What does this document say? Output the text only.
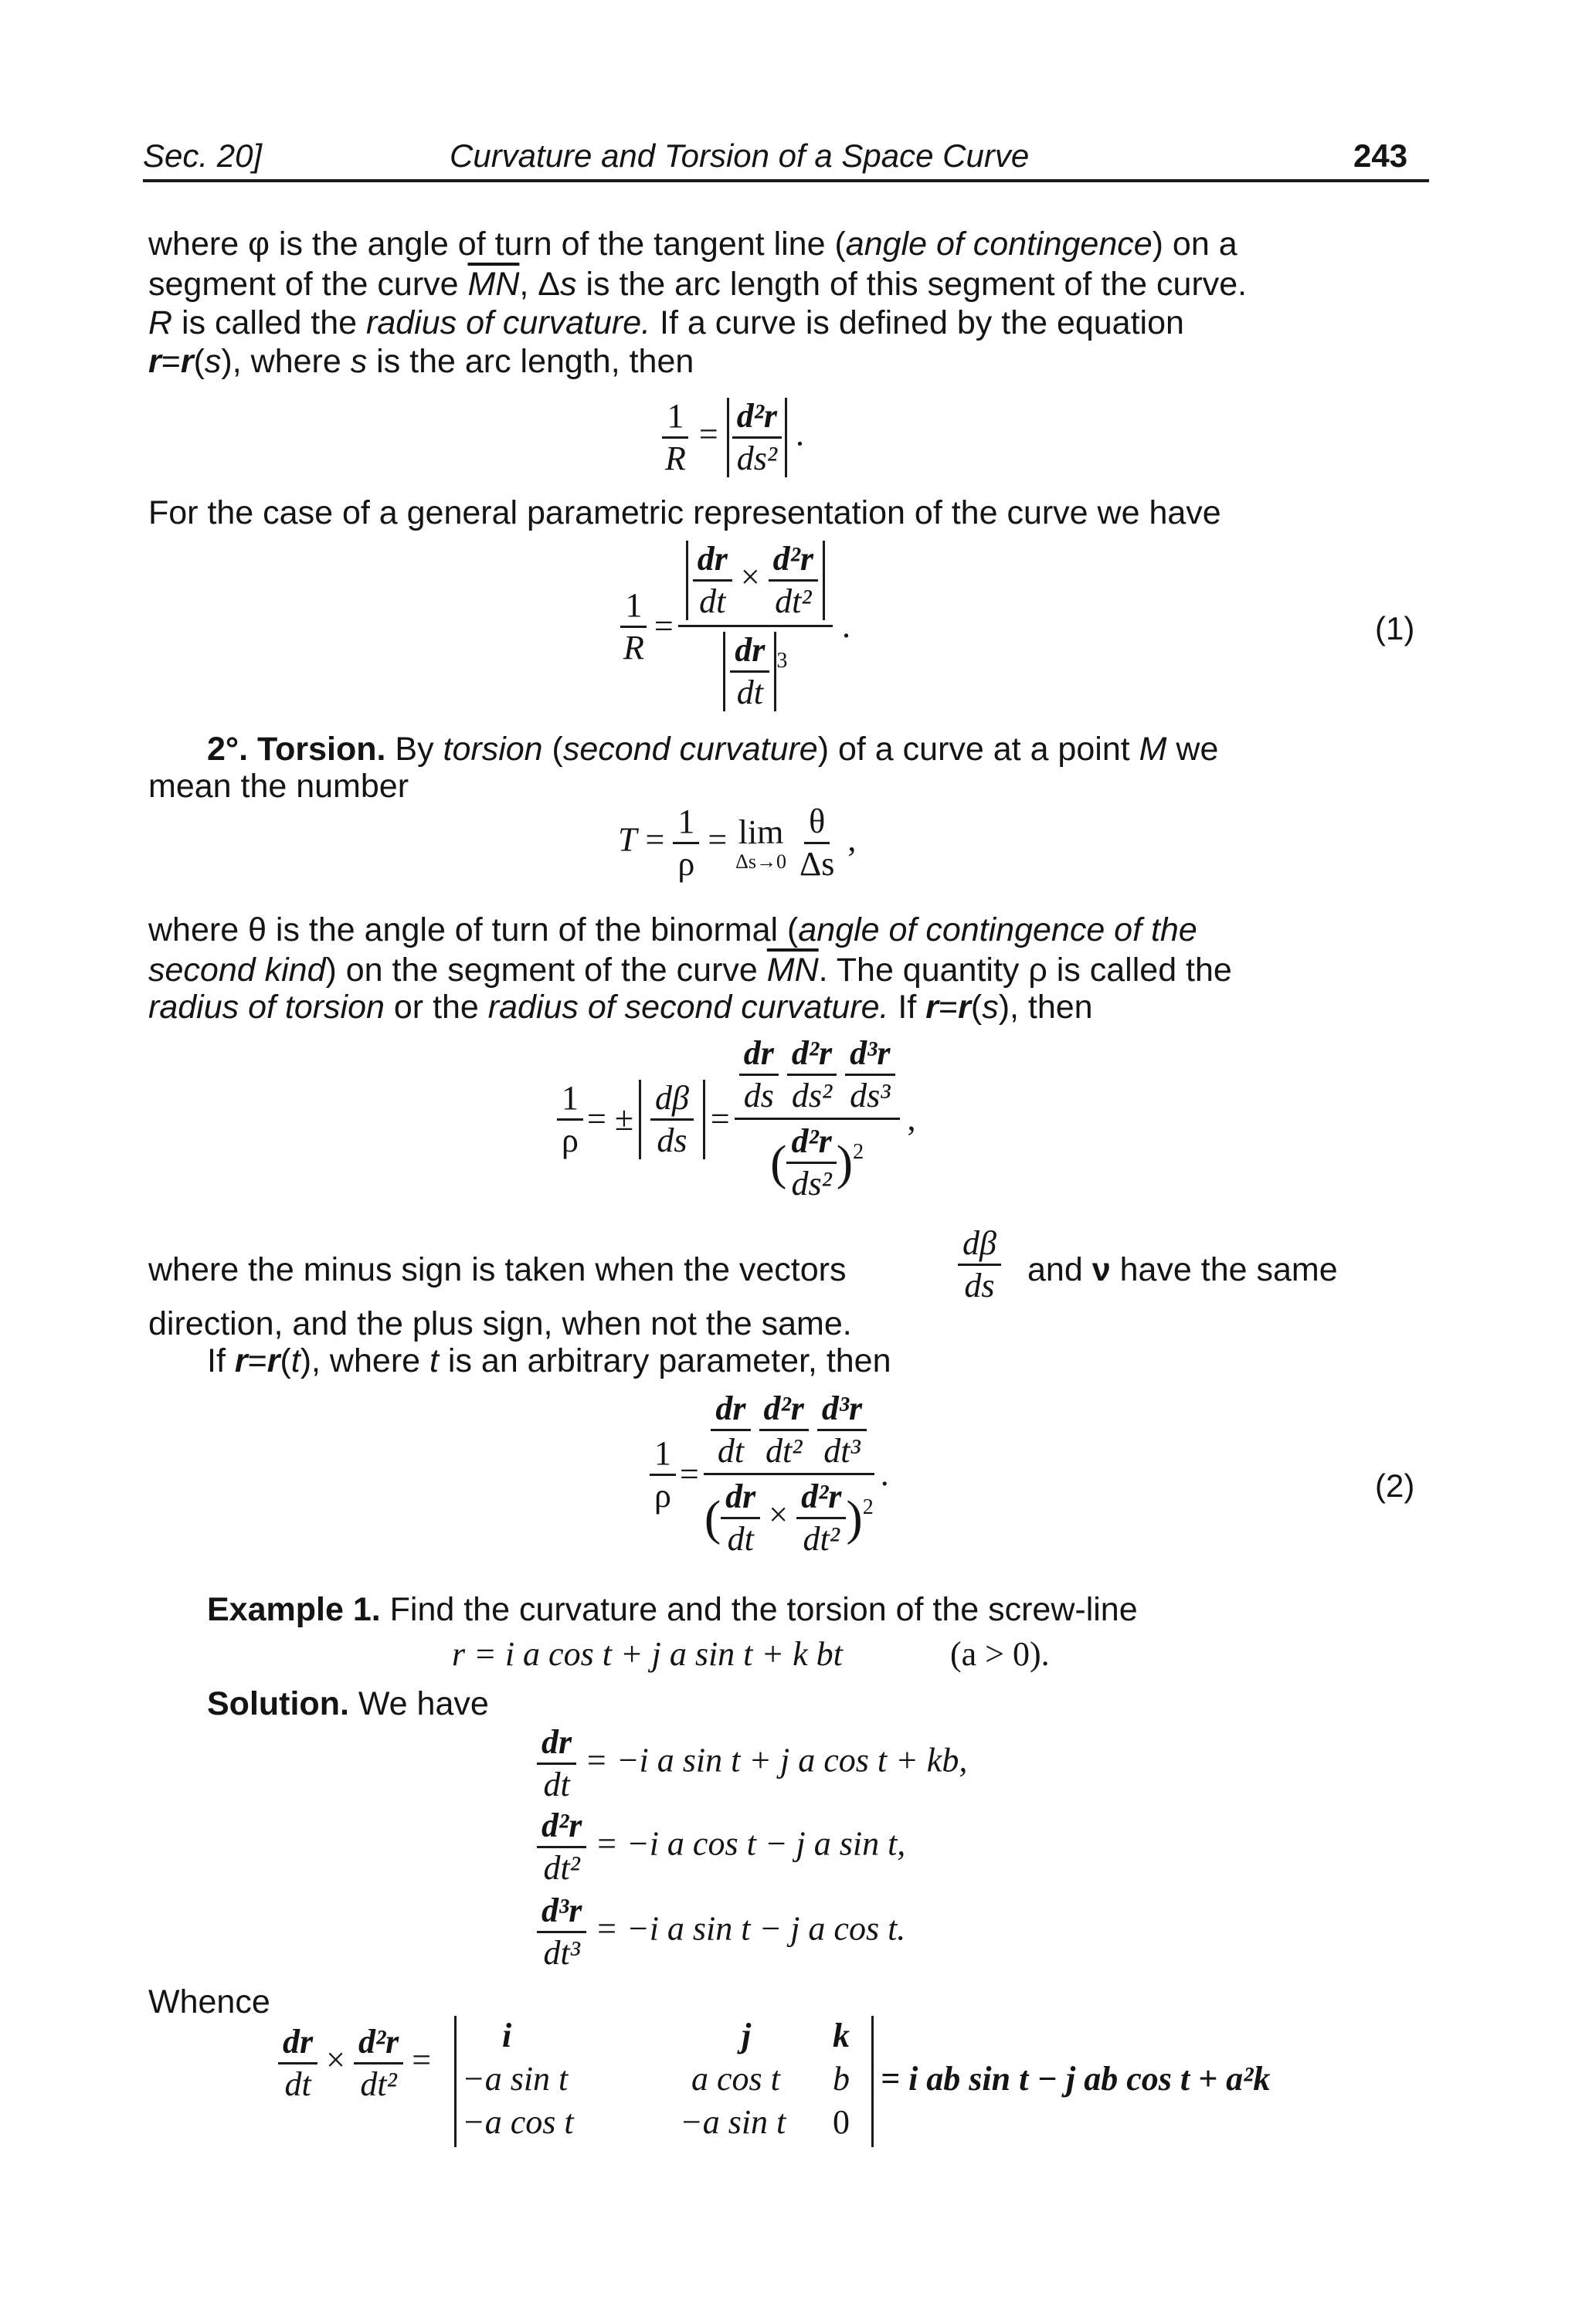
Sec. 20]	Curvature and Torsion of a Space Curve	243
where φ is the angle of turn of the tangent line (angle of contingence) on a
segment of the curve $\overline{MN}$, Δs is the arc length of this segment of the curve.
R is called the radius of curvature. If a curve is defined by the equation
r=r(s), where s is the arc length, then
$\frac{1}{R} = \frac{\text{d²r}}{\text{ds²}}$ .
For the case of a general parametric representation of the curve we have
$\frac{1}{R}$	=	
$\frac{dr}{dt} \times \frac{\text{d²r}}{\text{dt²}}$
	.

$\frac{dr}{dt} ^3$
(1)
2°. Torsion. By torsion (second curvature) of a curve at a point M we
mean the number
$T = \frac{1}{\rho} = \lim$
Δs→0
$\frac{\theta}{\Delta s}$ ,
where θ is the angle of turn of the binormal (angle of contingence of the
second kind) on the segment of the curve $\overline{MN}$. The quantity ρ is called the
radius of torsion or the radius of second curvature. If r=r(s), then
$\frac{1}{\rho}$	= ±	$\frac{d\beta}{ds}$	=	
$\frac{dr}{ds}$
$\frac{\text{d²r}}{\text{ds²}}$
$\frac{\text{d³r}}{\text{ds³}}$
	,
( $\frac{\text{d²r}}{\text{ds²}} )^2$
where the minus sign is taken when the vectors	$\frac{d\beta}{ds}$ and ν have the same
direction, and the plus sign, when not the same.
If r=r(t), where t is an arbitrary parameter, then
$\frac{1}{\rho}$	=	
$\frac{dr}{dt}$
$\frac{\text{d²r}}{\text{dt²}}$
$\frac{\text{d³r}}{\text{dt³}}$
	.
( $\frac{dr}{dt} \times \frac{\text{d²r}}{\text{dt²}} )^2$
(2)
Example 1. Find the curvature and the torsion of the screw-line
r = i a cos t + j a sin t + k bt	(a > 0).
Solution. We have
$\frac{dr}{dt} = -i$ a sin t + j a cos t + kb,
$\frac{\text{d²r}}{\text{dt²}} = -i$ a cos t − j a sin t,
$\frac{\text{d³r}}{\text{dt³}} = -i$ a sin t − j a cos t.
Whence
$\frac{dr}{dt} \times \frac{\text{d²r}}{\text{dt²}}$ =
i	j k
−a sin t	a cos t b
−a cos t	−a sin t 0
= i ab sin t − j ab cos t + a²k
